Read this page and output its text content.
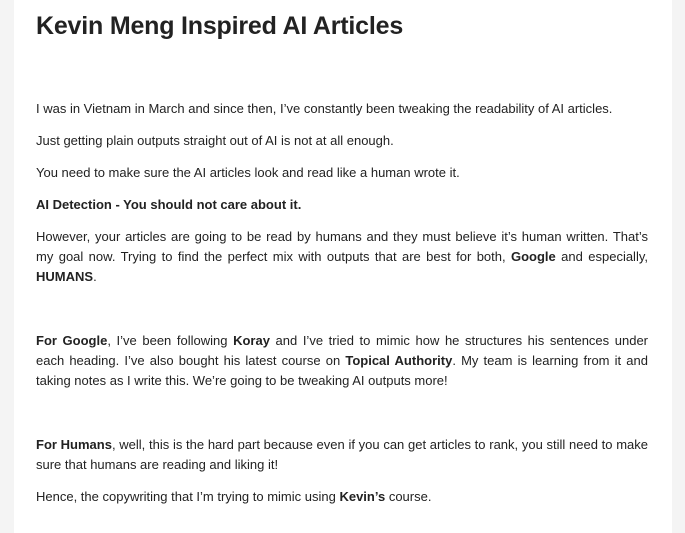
Kevin Meng Inspired AI Articles

I was in Vietnam in March and since then, I’ve constantly been tweaking the readability of AI articles.

Just getting plain outputs straight out of AI is not at all enough.

You need to make sure the AI articles look and read like a human wrote it.

AI Detection - You should not care about it.

However, your articles are going to be read by humans and they must believe it’s human written. That’s my goal now. Trying to find the perfect mix with outputs that are best for both, Google and especially, HUMANS.

For Google, I’ve been following Koray and I’ve tried to mimic how he structures his sentences under each heading. I’ve also bought his latest course on Topical Authority. My team is learning from it and taking notes as I write this. We’re going to be tweaking AI outputs more!

For Humans, well, this is the hard part because even if you can get articles to rank, you still need to make sure that humans are reading and liking it!

Hence, the copywriting that I’m trying to mimic using Kevin’s course.
